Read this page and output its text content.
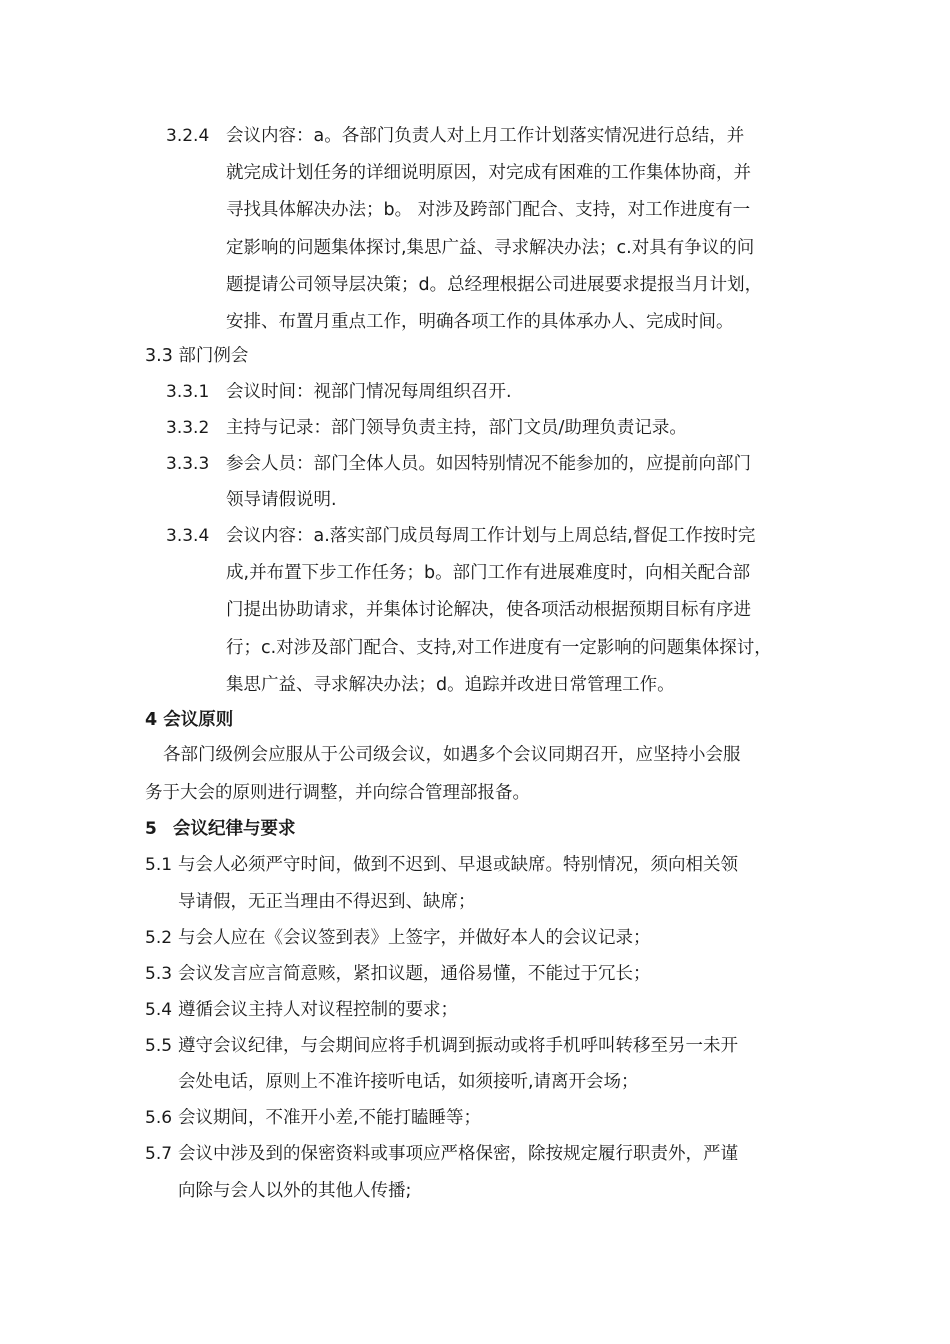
3.2.4 会议内容：a。各部门负责人对上月工作计划落实情况进行总结，并
就完成计划任务的详细说明原因，对完成有困难的工作集体协商，并
寻找具体解决办法；b。 对涉及跨部门配合、支持，对工作进度有一
定影响的问题集体探讨,集思广益、寻求解决办法；c.对具有争议的问
题提请公司领导层决策；d。总经理根据公司进展要求提报当月计划，
安排、布置月重点工作，明确各项工作的具体承办人、完成时间。
3.3 部门例会
3.3.1 会议时间：视部门情况每周组织召开.
3.3.2 主持与记录：部门领导负责主持，部门文员/助理负责记录。
3.3.3 参会人员：部门全体人员。如因特别情况不能参加的，应提前向部门
领导请假说明.
3.3.4 会议内容：a.落实部门成员每周工作计划与上周总结,督促工作按时完
成,并布置下步工作任务；b。部门工作有进展难度时，向相关配合部
门提出协助请求，并集体讨论解决，使各项活动根据预期目标有序进
行；c.对涉及部门配合、支持,对工作进度有一定影响的问题集体探讨，
集思广益、寻求解决办法；d。追踪并改进日常管理工作。
4 会议原则
各部门级例会应服从于公司级会议，如遇多个会议同期召开，应坚持小会服
务于大会的原则进行调整，并向综合管理部报备。
5 会议纪律与要求
5.1 与会人必须严守时间，做到不迟到、早退或缺席。特别情况，须向相关领
导请假，无正当理由不得迟到、缺席；
5.2 与会人应在《会议签到表》上签字，并做好本人的会议记录；
5.3 会议发言应言简意赅，紧扣议题，通俗易懂，不能过于冗长；
5.4 遵循会议主持人对议程控制的要求；
5.5 遵守会议纪律，与会期间应将手机调到振动或将手机呼叫转移至另一未开
会处电话，原则上不准许接听电话，如须接听,请离开会场；
5.6 会议期间，不准开小差,不能打瞌睡等；
5.7 会议中涉及到的保密资料或事项应严格保密，除按规定履行职责外，严谨
向除与会人以外的其他人传播;
